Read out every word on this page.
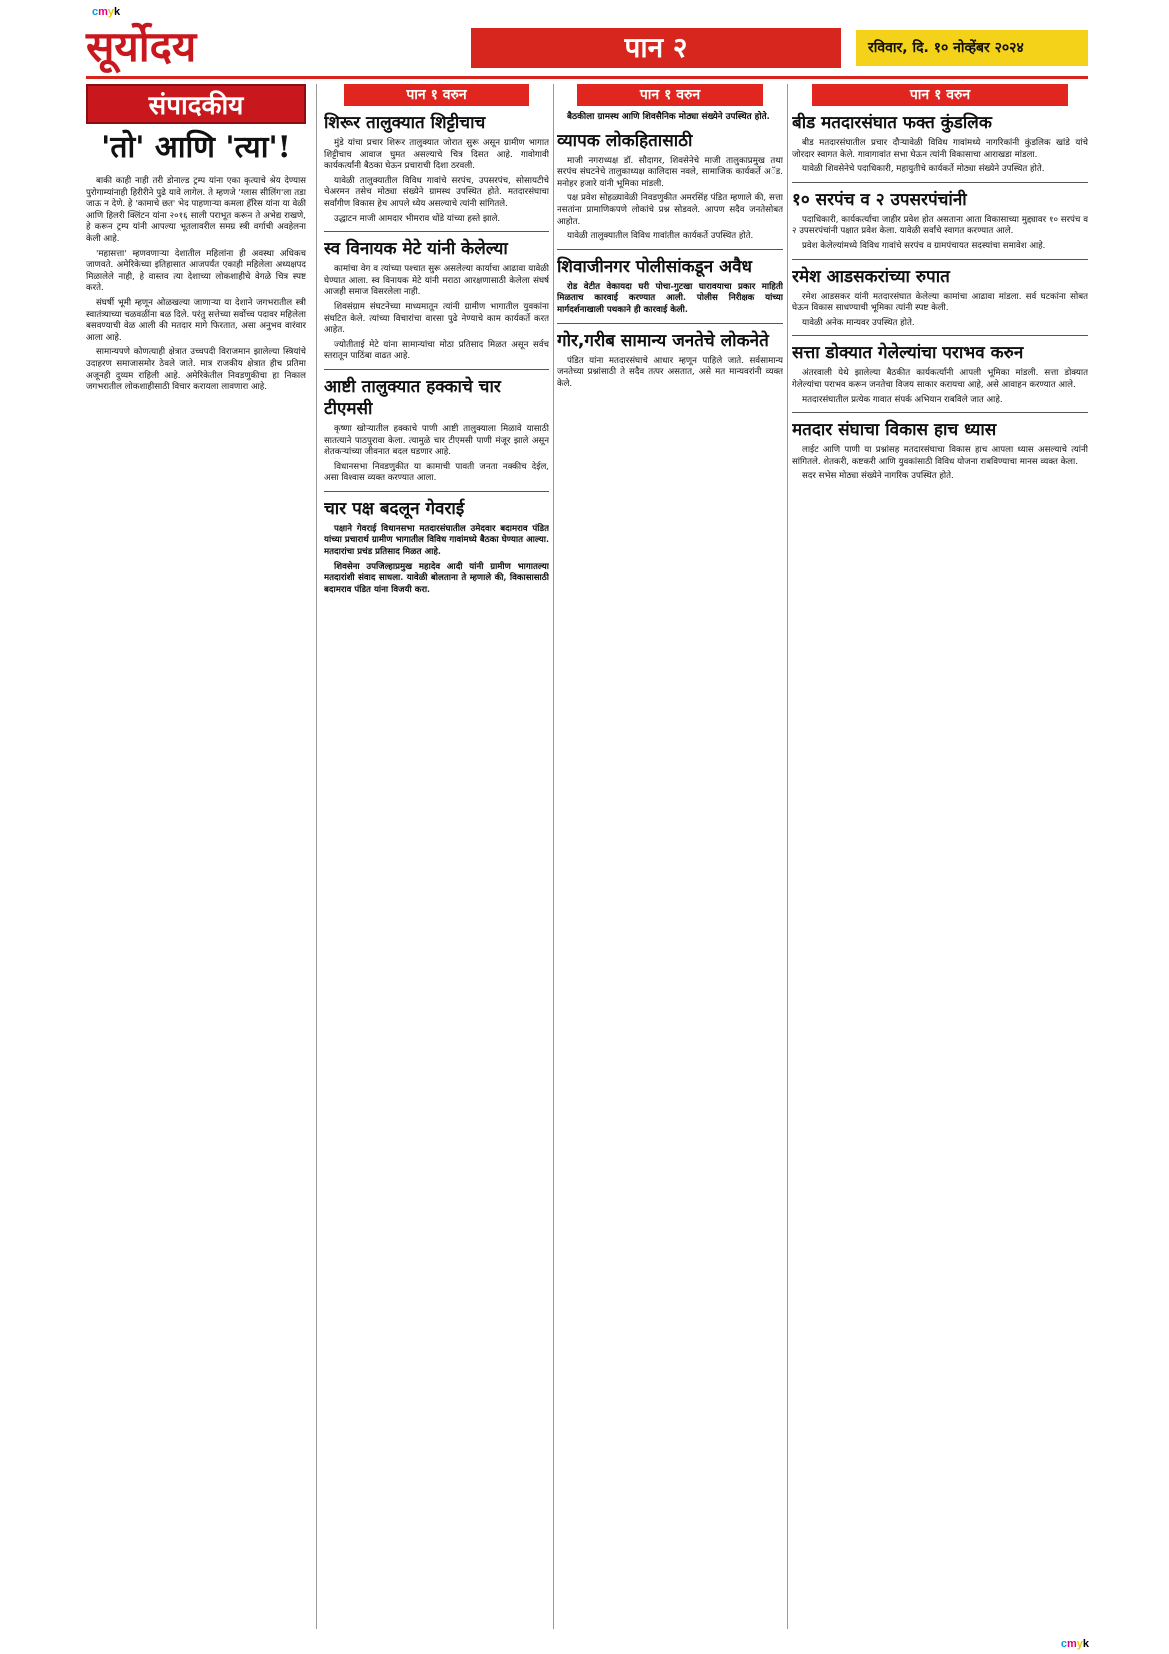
cmyk
सूर्योदय	पान २	रविवार, दि. १० नोव्हेंबर २०२४
संपादकीय
'तो' आणि 'त्या'!

बाकी काही नाही तरी डोनाल्ड ट्रम्प यांना एका कृत्याचे श्रेय देण्यास पुरोगाम्यांनाही हिरीरीने पुढे यावे लागेल. ते म्हणजे 'ग्लास सीलिंग'ला तडा जाऊ न देणे. हे 'कामाचे छत' भेद पाहणाऱ्या कमला हॅरिस यांना या वेळी आणि हिलरी क्लिंटन यांना २०१६ साली पराभूत करून ते अभेद्य राखणे, हे करून ट्रम्प यांनी आपल्या भूतलावरील समग्र स्त्री वर्गाची अवहेलना केली आहे.

'महासत्ता' म्हणवणाऱ्या देशातील महिलांना ही अवस्था अधिकच जाणवते. अमेरिकेच्या इतिहासात आजपर्यंत एकाही महिलेला अध्यक्षपद मिळालेले नाही, हे वास्तव त्या देशाच्या लोकशाहीचे वेगळे चित्र स्पष्ट करते.

संघर्षी भूमी म्हणून ओळखल्या जाणाऱ्या या देशाने जगभरातील स्त्री स्वातंत्र्याच्या चळवळींना बळ दिले. परंतु सत्तेच्या सर्वोच्च पदावर महिलेला बसवण्याची वेळ आली की मतदार मागे फिरतात, असा अनुभव वारंवार आला आहे.

सामान्यपणे कोणत्याही क्षेत्रात उच्चपदी विराजमान झालेल्या स्त्रियांचे उदाहरण समाजासमोर ठेवले जाते. मात्र राजकीय क्षेत्रात हीच प्रतिमा अजूनही दुय्यम राहिली आहे. अमेरिकेतील निवडणुकीचा हा निकाल जगभरातील लोकशाहीसाठी विचार करायला लावणारा आहे.

पान १ वरुन
शिरूर तालुक्यात शिट्टीचाच

मुंडे यांचा प्रचार शिरूर तालुक्यात जोरात सुरू असून ग्रामीण भागात शिट्टीचाच आवाज घुमत असल्याचे चित्र दिसत आहे. गावोगावी कार्यकर्त्यांनी बैठका घेऊन प्रचाराची दिशा ठरवली.

यावेळी तालुक्यातील विविध गावांचे सरपंच, उपसरपंच, सोसायटीचे चेअरमन तसेच मोठ्या संख्येने ग्रामस्थ उपस्थित होते. मतदारसंघाचा सर्वांगीण विकास हेच आपले ध्येय असल्याचे त्यांनी सांगितले.

उद्धाटन माजी आमदार भीमराव धोंडे यांच्या हस्ते झाले.

स्व विनायक मेटे यांनी केलेल्या

कामांचा वेग व त्यांच्या पश्चात सुरू असलेल्या कार्याचा आढावा यावेळी घेण्यात आला. स्व विनायक मेटे यांनी मराठा आरक्षणासाठी केलेला संघर्ष आजही समाज विसरलेला नाही.

शिवसंग्राम संघटनेच्या माध्यमातून त्यांनी ग्रामीण भागातील युवकांना संघटित केले. त्यांच्या विचारांचा वारसा पुढे नेण्याचे काम कार्यकर्ते करत आहेत.

ज्योतीताई मेटे यांना सामान्यांचा मोठा प्रतिसाद मिळत असून सर्वच स्तरातून पाठिंबा वाढत आहे.

आष्टी तालुक्यात हक्काचे चार टीएमसी

कृष्णा खोऱ्यातील हक्काचे पाणी आष्टी तालुक्याला मिळावे यासाठी सातत्याने पाठपुरावा केला. त्यामुळे चार टीएमसी पाणी मंजूर झाले असून शेतकऱ्यांच्या जीवनात बदल घडणार आहे.

विधानसभा निवडणुकीत या कामाची पावती जनता नक्कीच देईल, असा विश्वास व्यक्त करण्यात आला.

चार पक्ष बदलून गेवराई

पक्षाने गेवराई विधानसभा मतदारसंघातील उमेदवार बदामराव पंडित यांच्या प्रचारार्थ ग्रामीण भागातील विविध गावांमध्ये बैठका घेण्यात आल्या. मतदारांचा प्रचंड प्रतिसाद मिळत आहे.

शिवसेना उपजिल्हाप्रमुख महादेव आदी यांनी ग्रामीण भागातल्या मतदारांशी संवाद साधला. यावेळी बोलताना ते म्हणाले की, विकासासाठी बदामराव पंडित यांना विजयी करा.

पान १ वरुन

बैठकीला ग्रामस्थ आणि शिवसैनिक मोठ्या संख्येने उपस्थित होते.

व्यापक लोकहितासाठी

माजी नगराध्यक्ष डॉ. सौदागर, शिवसेनेचे माजी तालुकाप्रमुख तथा सरपंच संघटनेचे तालुकाध्यक्ष कालिदास नवले, सामाजिक कार्यकर्ते अॅड. मनोहर हजारे यांनी भूमिका मांडली.

पक्ष प्रवेश सोहळ्यावेळी निवडणुकीत अमरसिंह पंडित म्हणाले की, सत्ता नसतांना प्रामाणिकपणे लोकांचे प्रश्न सोडवले. आपण सदैव जनतेसोबत आहोत.

यावेळी तालुक्यातील विविध गावांतील कार्यकर्ते उपस्थित होते.

शिवाजीनगर पोलीसांकडून अवैध

रोड वेटीत वेकायदा घरी पोचा-गुटखा घारावयाचा प्रकार माहिती मिळताच कारवाई करण्यात आली. पोलीस निरीक्षक यांच्या मार्गदर्शनाखाली पथकाने ही कारवाई केली.

गोर,गरीब सामान्य जनतेचे लोकनेते

पंडित यांना मतदारसंघाचे आधार म्हणून पाहिले जाते. सर्वसामान्य जनतेच्या प्रश्नांसाठी ते सदैव तत्पर असतात, असे मत मान्यवरांनी व्यक्त केले.

पान १ वरुन
बीड मतदारसंघात फक्त कुंडलिक

बीड मतदारसंघातील प्रचार दौऱ्यावेळी विविध गावांमध्ये नागरिकांनी कुंडलिक खांडे यांचे जोरदार स्वागत केले. गावागावांत सभा घेऊन त्यांनी विकासाचा आराखडा मांडला.

यावेळी शिवसेनेचे पदाधिकारी, महायुतीचे कार्यकर्ते मोठ्या संख्येने उपस्थित होते.

१० सरपंच व २ उपसरपंचांनी

पदाधिकारी, कार्यकर्त्यांचा जाहीर प्रवेश होत असताना आता विकासाच्या मुद्द्यावर १० सरपंच व २ उपसरपंचांनी पक्षात प्रवेश केला. यावेळी सर्वांचे स्वागत करण्यात आले.

प्रवेश केलेल्यांमध्ये विविध गावांचे सरपंच व ग्रामपंचायत सदस्यांचा समावेश आहे.

रमेश आडसकरांच्या रुपात

रमेश आडसकर यांनी मतदारसंघात केलेल्या कामांचा आढावा मांडला. सर्व घटकांना सोबत घेऊन विकास साधण्याची भूमिका त्यांनी स्पष्ट केली.

यावेळी अनेक मान्यवर उपस्थित होते.

सत्ता डोक्यात गेलेल्यांचा पराभव करुन

अंतरवाली येथे झालेल्या बैठकीत कार्यकर्त्यांनी आपली भूमिका मांडली. सत्ता डोक्यात गेलेल्यांचा पराभव करून जनतेचा विजय साकार करायचा आहे, असे आवाहन करण्यात आले.

मतदारसंघातील प्रत्येक गावात संपर्क अभियान राबविले जात आहे.

मतदार संघाचा विकास हाच ध्यास

लाईट आणि पाणी या प्रश्नांसह मतदारसंघाचा विकास हाच आपला ध्यास असल्याचे त्यांनी सांगितले. शेतकरी, कष्टकरी आणि युवकांसाठी विविध योजना राबविण्याचा मानस व्यक्त केला.

सदर सभेस मोठ्या संख्येने नागरिक उपस्थित होते.

cmyk
